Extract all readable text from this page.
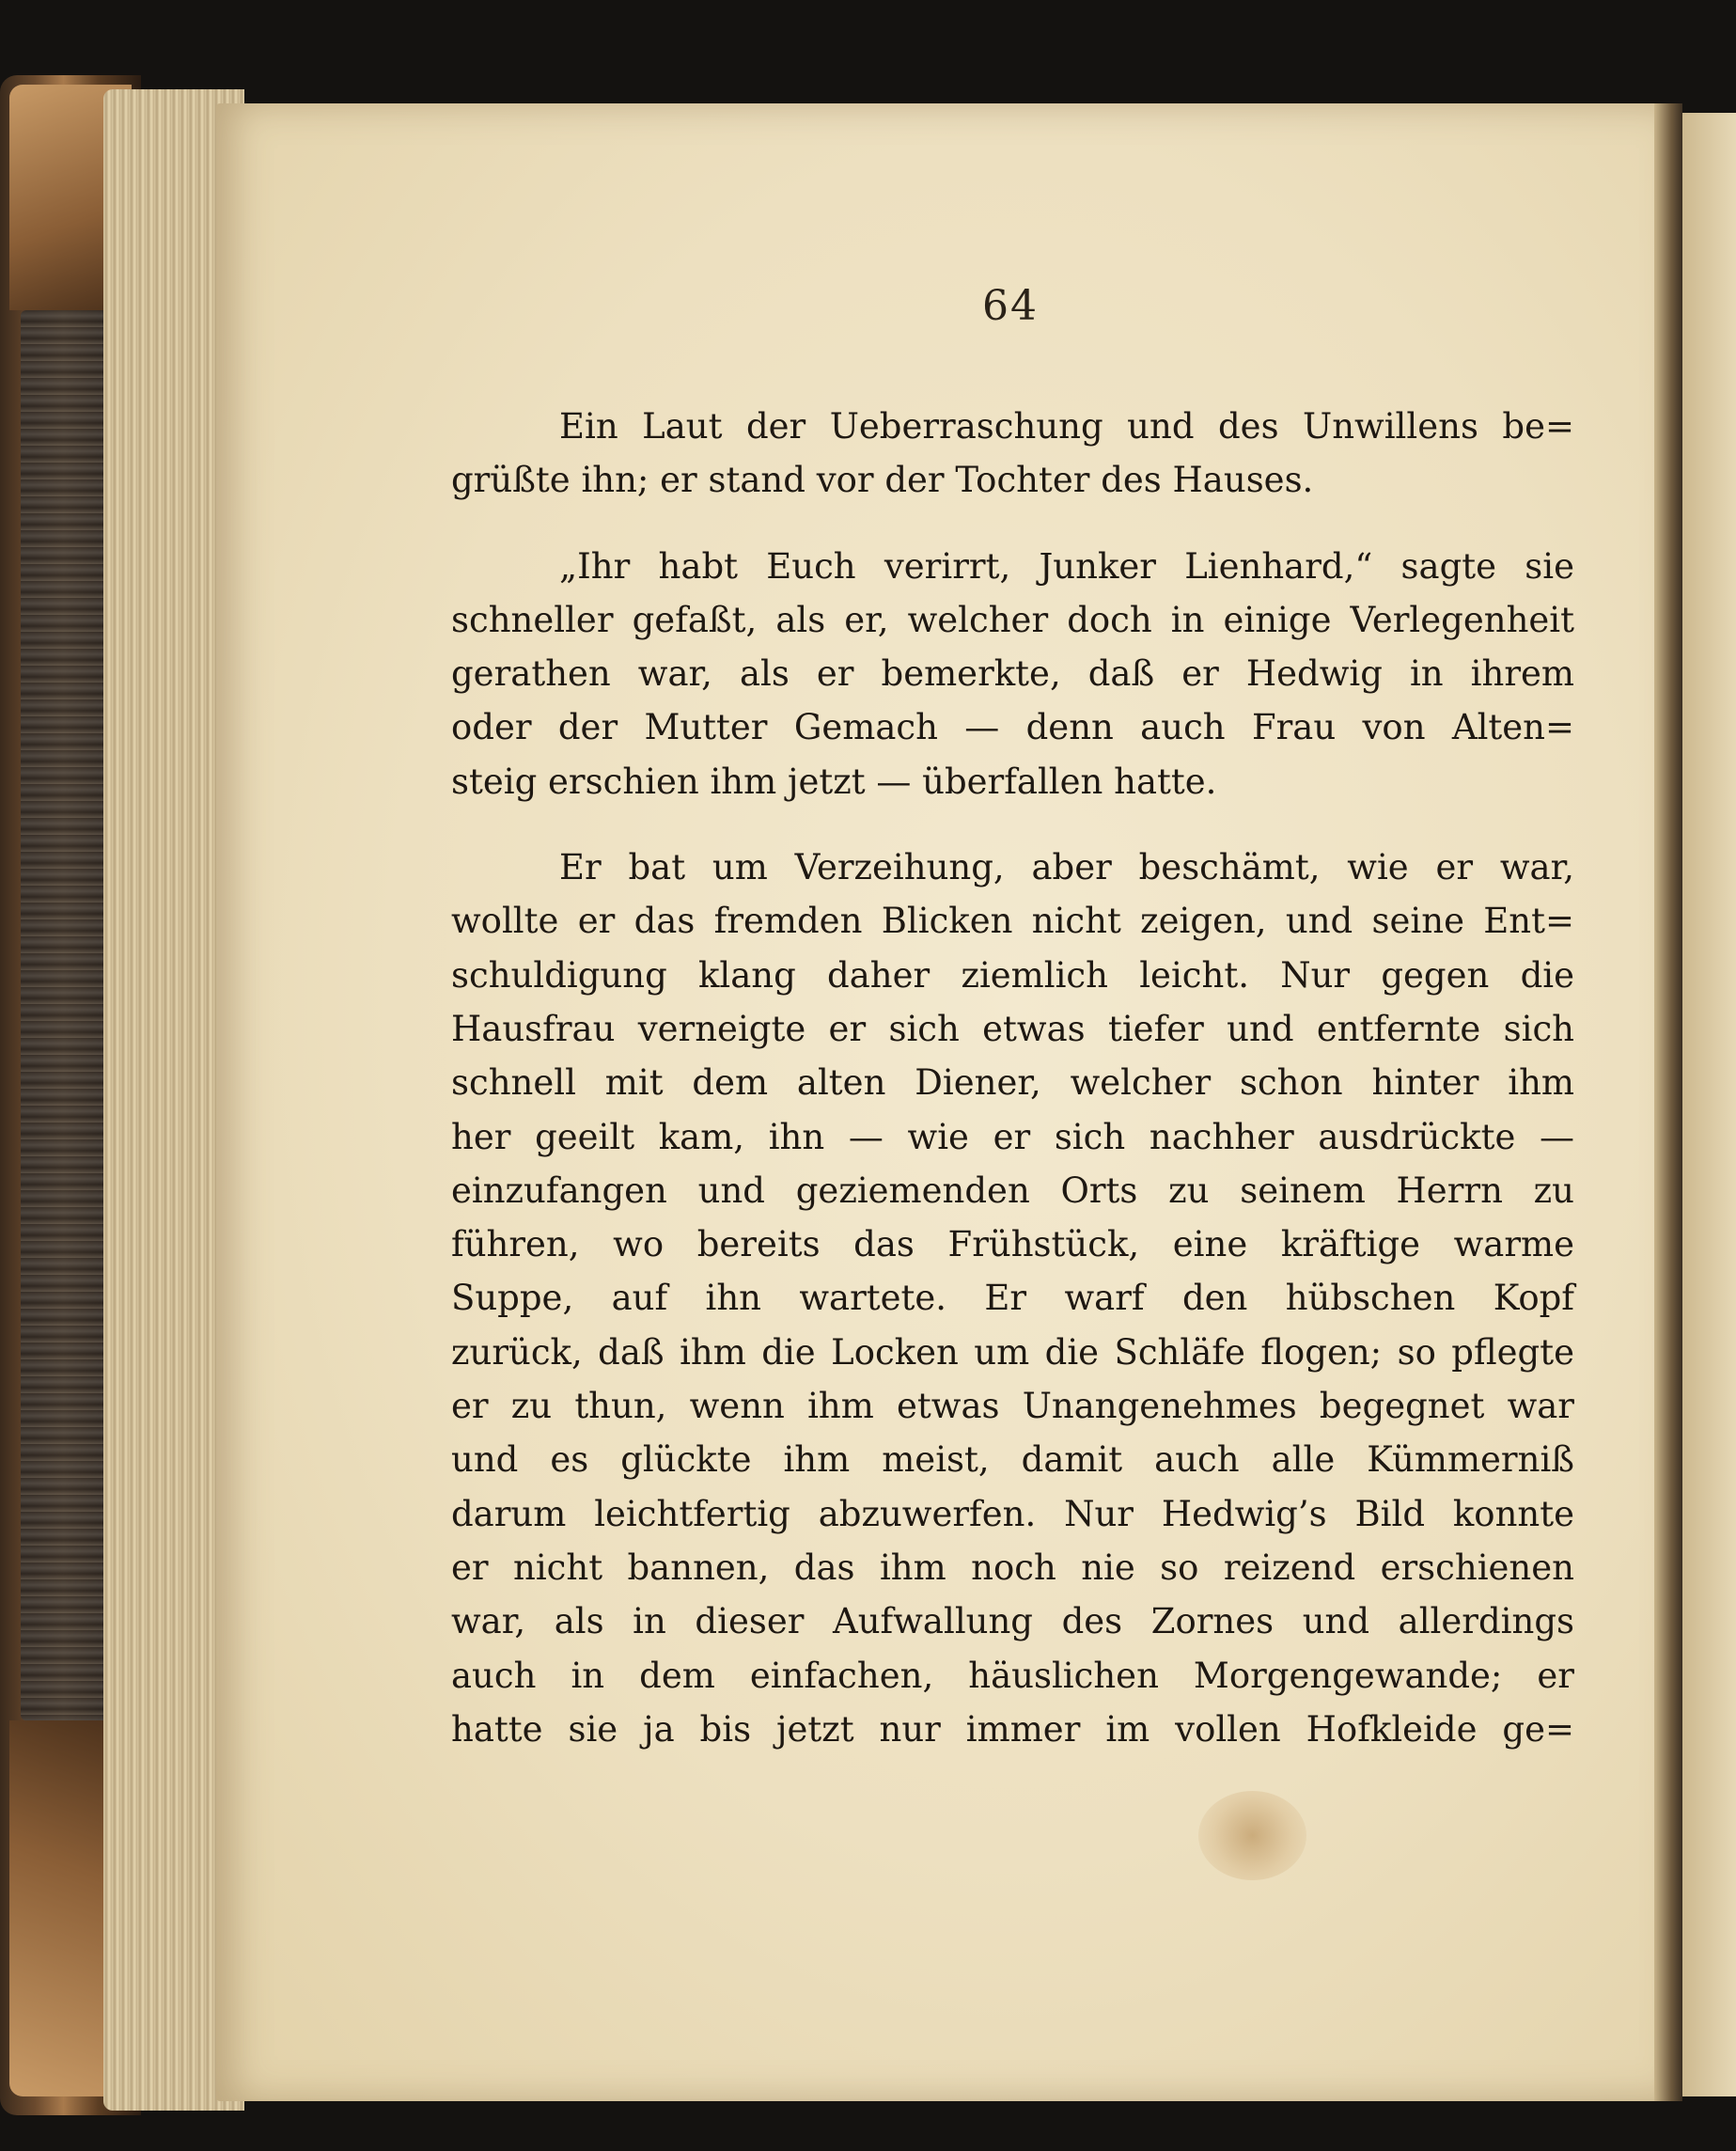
64
Ein Laut der Ueberraschung und des Unwillens be=
grüßte ihn; er stand vor der Tochter des Hauses.
„Ihr habt Euch verirrt, Junker Lienhard,“ sagte sie
schneller gefaßt, als er, welcher doch in einige Verlegenheit
gerathen war, als er bemerkte, daß er Hedwig in ihrem
oder der Mutter Gemach — denn auch Frau von Alten=
steig erschien ihm jetzt — überfallen hatte.
Er bat um Verzeihung, aber beschämt, wie er war,
wollte er das fremden Blicken nicht zeigen, und seine Ent=
schuldigung klang daher ziemlich leicht. Nur gegen die
Hausfrau verneigte er sich etwas tiefer und entfernte sich
schnell mit dem alten Diener, welcher schon hinter ihm
her geeilt kam, ihn — wie er sich nachher ausdrückte —
einzufangen und geziemenden Orts zu seinem Herrn zu
führen, wo bereits das Frühstück, eine kräftige warme
Suppe, auf ihn wartete. Er warf den hübschen Kopf
zurück, daß ihm die Locken um die Schläfe flogen; so pflegte
er zu thun, wenn ihm etwas Unangenehmes begegnet war
und es glückte ihm meist, damit auch alle Kümmerniß
darum leichtfertig abzuwerfen. Nur Hedwig’s Bild konnte
er nicht bannen, das ihm noch nie so reizend erschienen
war, als in dieser Aufwallung des Zornes und allerdings
auch in dem einfachen, häuslichen Morgengewande; er
hatte sie ja bis jetzt nur immer im vollen Hofkleide ge=
